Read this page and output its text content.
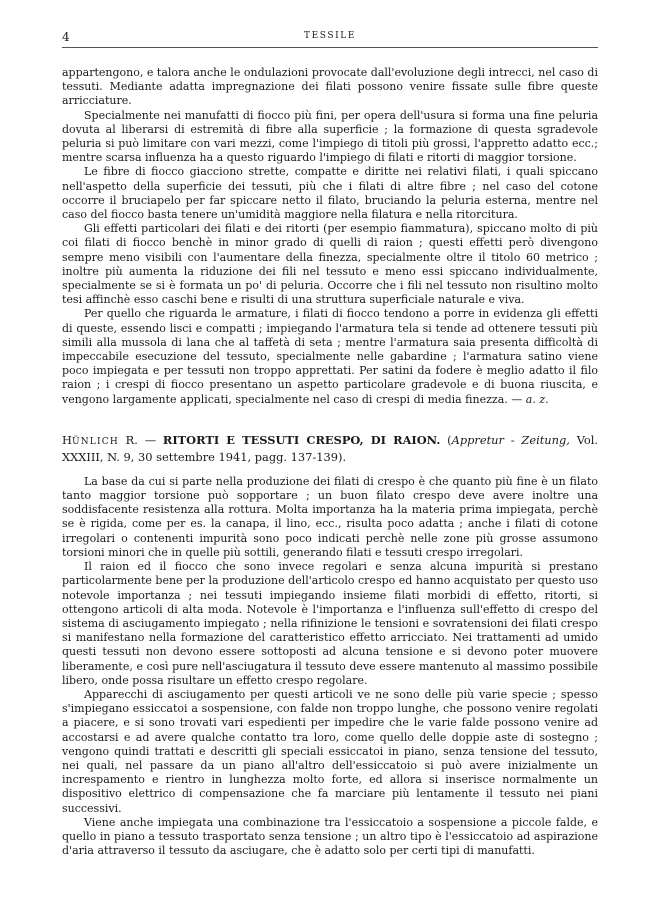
4	TESSILE

appartengono, e talora anche le ondulazioni provocate dall'evoluzione degli intrecci, nel caso di tessuti. Mediante adatta impregnazione dei filati possono venire fissate sulle fibre queste arricciature.

Specialmente nei manufatti di fiocco più fini, per opera dell'usura si forma una fine peluria dovuta al liberarsi di estremità di fibre alla superficie ; la formazione di questa sgradevole peluria si può limitare con vari mezzi, come l'impiego di titoli più grossi, l'appretto adatto ecc.; mentre scarsa influenza ha a questo riguardo l'impiego di filati e ritorti di maggior torsione.

Le fibre di fiocco giacciono strette, compatte e diritte nei relativi filati, i quali spiccano nell'aspetto della superficie dei tessuti, più che i filati di altre fibre ; nel caso del cotone occorre il bruciapelo per far spiccare netto il filato, bruciando la peluria esterna, mentre nel caso del fiocco basta tenere un'umidità maggiore nella filatura e nella ritorcitura.

Gli effetti particolari dei filati e dei ritorti (per esempio fiammatura), spiccano molto di più coi filati di fiocco benchè in minor grado di quelli di raion ; questi effetti però divengono sempre meno visibili con l'aumentare della finezza, specialmente oltre il titolo 60 metrico ; inoltre più aumenta la riduzione dei fili nel tessuto e meno essi spiccano individualmente, specialmente se si è formata un po' di peluria. Occorre che i fili nel tessuto non risultino molto tesi affinchè esso caschi bene e risulti di una struttura superficiale naturale e viva.

Per quello che riguarda le armature, i filati di fiocco tendono a porre in evidenza gli effetti di queste, essendo lisci e compatti ; impiegando l'armatura tela si tende ad ottenere tessuti più simili alla mussola di lana che al taffetà di seta ; mentre l'armatura saia presenta difficoltà di impeccabile esecuzione del tessuto, specialmente nelle gabardine ; l'armatura satino viene poco impiegata e per tessuti non troppo apprettati. Per satini da fodere è meglio adatto il filo raion ; i crespi di fiocco presentano un aspetto particolare gradevole e di buona riuscita, e vengono largamente applicati, specialmente nel caso di crespi di media finezza. — a. z.

HÜNLICH R. — RITORTI E TESSUTI CRESPO, DI RAION. (Appretur - Zeitung, Vol. XXXIII, N. 9, 30 settembre 1941, pagg. 137-139).

La base da cui si parte nella produzione dei filati di crespo è che quanto più fine è un filato tanto maggior torsione può sopportare ; un buon filato crespo deve avere inoltre una soddisfacente resistenza alla rottura. Molta importanza ha la materia prima impiegata, perchè se è rigida, come per es. la canapa, il lino, ecc., risulta poco adatta ; anche i filati di cotone irregolari o contenenti impurità sono poco indicati perchè nelle zone più grosse assumono torsioni minori che in quelle più sottili, generando filati e tessuti crespo irregolari.

Il raion ed il fiocco che sono invece regolari e senza alcuna impurità si prestano particolarmente bene per la produzione dell'articolo crespo ed hanno acquistato per questo uso notevole importanza ; nei tessuti impiegando insieme filati morbidi di effetto, ritorti, si ottengono articoli di alta moda. Notevole è l'importanza e l'influenza sull'effetto di crespo del sistema di asciugamento impiegato ; nella rifinizione le tensioni e sovratensioni dei filati crespo si manifestano nella formazione del caratteristico effetto arricciato. Nei trattamenti ad umido questi tessuti non devono essere sottoposti ad alcuna tensione e si devono poter muovere liberamente, e così pure nell'asciugatura il tessuto deve essere mantenuto al massimo possibile libero, onde possa risultare un effetto crespo regolare.

Apparecchi di asciugamento per questi articoli ve ne sono delle più varie specie ; spesso s'impiegano essiccatoi a sospensione, con falde non troppo lunghe, che possono venire regolati a piacere, e si sono trovati vari espedienti per impedire che le varie falde possono venire ad accostarsi e ad avere qualche contatto tra loro, come quello delle doppie aste di sostegno ; vengono quindi trattati e descritti gli speciali essiccatoi in piano, senza tensione del tessuto, nei quali, nel passare da un piano all'altro dell'essiccatoio si può avere inizialmente un increspamento e rientro in lunghezza molto forte, ed allora si inserisce normalmente un dispositivo elettrico di compensazione che fa marciare più lentamente il tessuto nei piani successivi.

Viene anche impiegata una combinazione tra l'essiccatoio a sospensione a piccole falde, e quello in piano a tessuto trasportato senza tensione ; un altro tipo è l'essiccatoio ad aspirazione d'aria attraverso il tessuto da asciugare, che è adatto solo per certi tipi di manufatti.
